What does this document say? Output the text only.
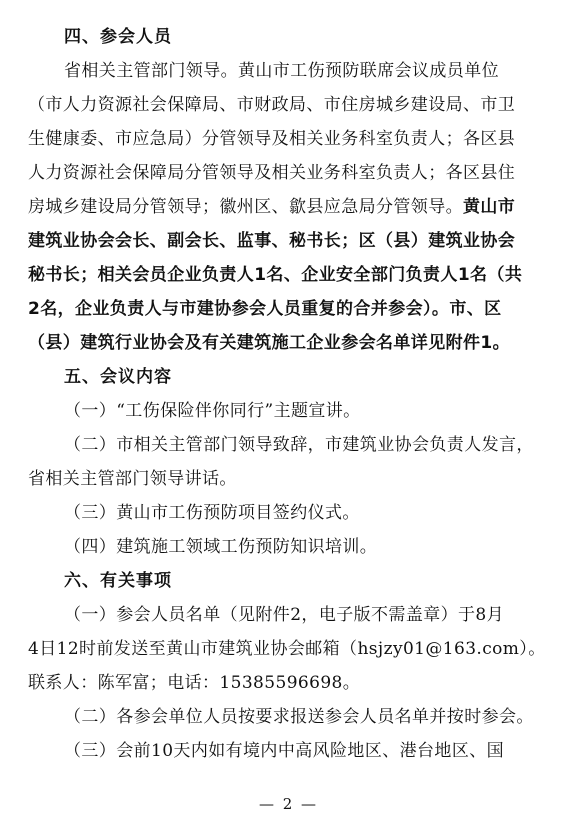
四、参会人员
省相关主管部门领导。黄山市工伤预防联席会议成员单位
（市人力资源社会保障局、市财政局、市住房城乡建设局、市卫
生健康委、市应急局）分管领导及相关业务科室负责人；各区县
人力资源社会保障局分管领导及相关业务科室负责人；各区县住
房城乡建设局分管领导；徽州区、歙县应急局分管领导。黄山市
建筑业协会会长、副会长、监事、秘书长；区（县）建筑业协会
秘书长；相关会员企业负责人1名、企业安全部门负责人1名（共
2名，企业负责人与市建协参会人员重复的合并参会）。市、区
（县）建筑行业协会及有关建筑施工企业参会名单详见附件1。
五、会议内容
（一）“工伤保险伴你同行”主题宣讲。
（二）市相关主管部门领导致辞，市建筑业协会负责人发言，
省相关主管部门领导讲话。
（三）黄山市工伤预防项目签约仪式。
（四）建筑施工领域工伤预防知识培训。
六、有关事项
（一）参会人员名单（见附件2，电子版不需盖章）于8月
4日12时前发送至黄山市建筑业协会邮箱（hsjzy01@163.com）。
联系人：陈军富；电话：15385596698。
（二）各参会单位人员按要求报送参会人员名单并按时参会。
（三）会前10天内如有境内中高风险地区、港台地区、国
— 2 —
